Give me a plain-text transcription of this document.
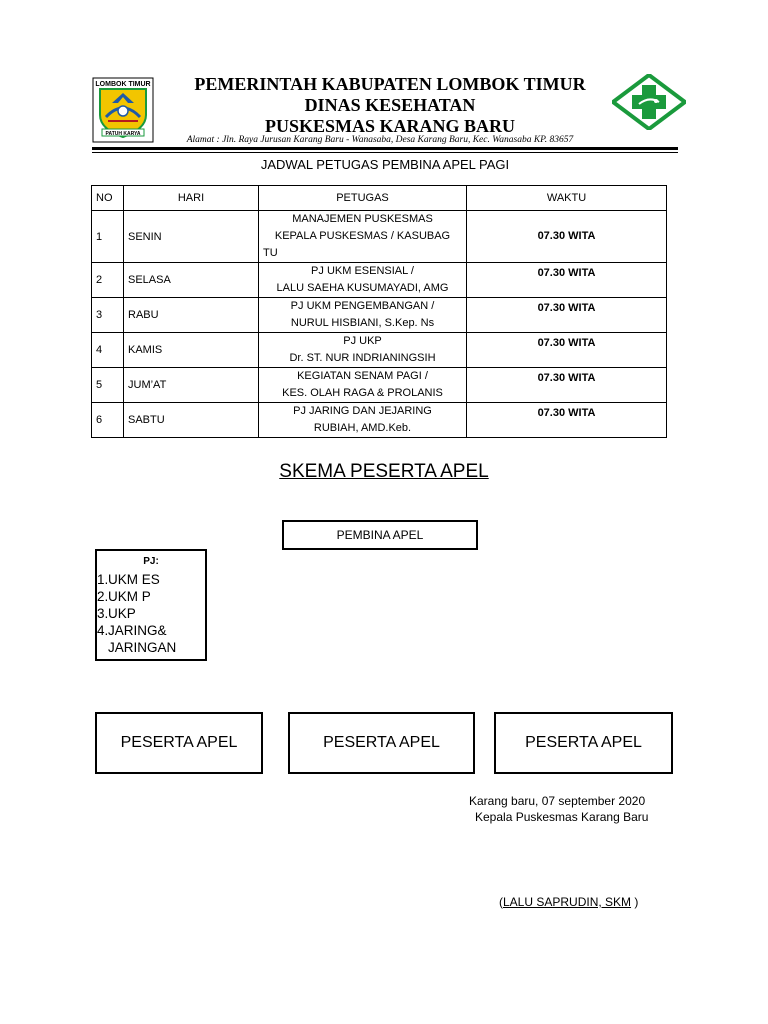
LOMBOK TIMUR
PATUH KARYA
PEMERINTAH KABUPATEN LOMBOK TIMUR
DINAS KESEHATAN
PUSKESMAS KARANG BARU
Alamat : Jln. Raya Jurusan Karang Baru - Wanasaba, Desa Karang Baru, Kec. Wanasaba KP. 83657
JADWAL PETUGAS PEMBINA APEL PAGI
NO	HARI	PETUGAS	WAKTU
1	SENIN	MANAJEMEN PUSKESMAS
KEPALA PUSKESMAS / KASUBAG
TU	07.30 WITA
2	SELASA	PJ UKM ESENSIAL /
LALU SAEHA KUSUMAYADI, AMG	07.30 WITA
3	RABU	PJ UKM PENGEMBANGAN /
NURUL HISBIANI, S.Kep. Ns	07.30 WITA
4	KAMIS	PJ UKP
Dr. ST. NUR INDRIANINGSIH	07.30 WITA
5	JUM’AT	KEGIATAN SENAM PAGI /
KES. OLAH RAGA & PROLANIS	07.30 WITA
6	SABTU	PJ JARING DAN JEJARING
RUBIAH, AMD.Keb.	07.30 WITA
SKEMA PESERTA APEL
PEMBINA APEL
PJ:
1.UKM ES
2.UKM P
3.UKP
4.JARING&
JARINGAN
PESERTA APEL	PESERTA APEL	PESERTA APEL
Karang baru, 07 september 2020
Kepala Puskesmas Karang Baru
(LALU SAPRUDIN, SKM )
